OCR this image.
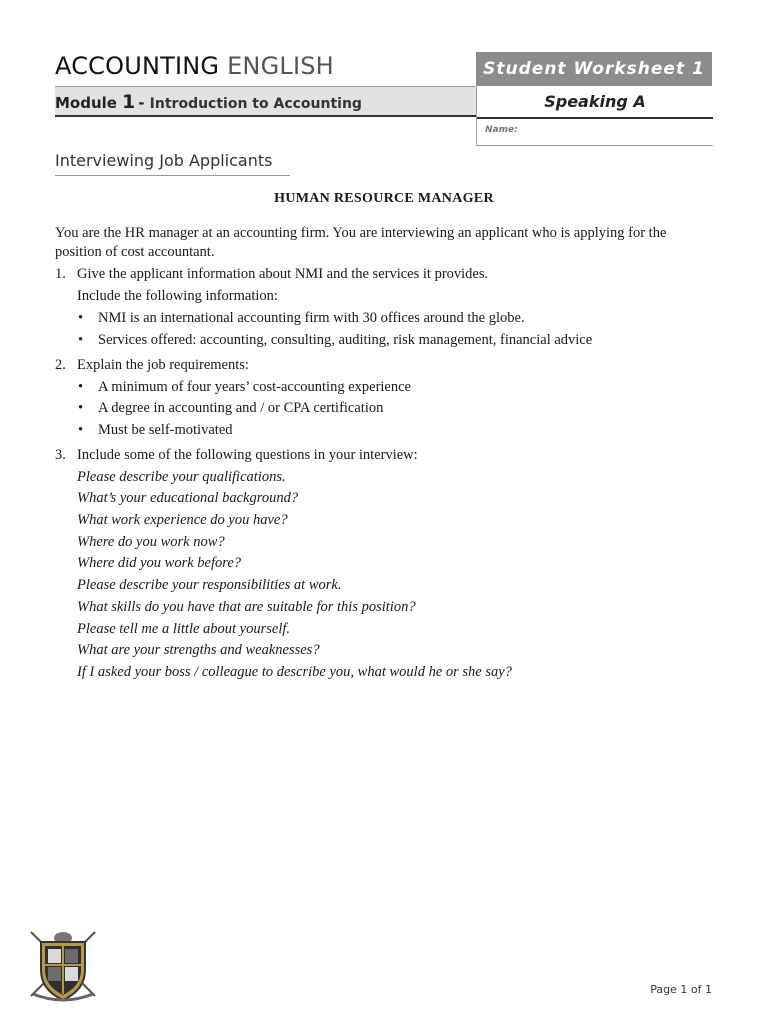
ACCOUNTING ENGLISH
Module 1 - Introduction to Accounting
Student Worksheet 1
Speaking A
Name:
Interviewing Job Applicants
HUMAN RESOURCE MANAGER
You are the HR manager at an accounting firm. You are interviewing an applicant who is applying for the position of cost accountant.
1. Give the applicant information about NMI and the services it provides.
Include the following information:
• NMI is an international accounting firm with 30 offices around the globe.
• Services offered: accounting, consulting, auditing, risk management, financial advice
2. Explain the job requirements:
• A minimum of four years’ cost-accounting experience
• A degree in accounting and / or CPA certification
• Must be self-motivated
3. Include some of the following questions in your interview:
Please describe your qualifications.
What’s your educational background?
What work experience do you have?
Where do you work now?
Where did you work before?
Please describe your responsibilities at work.
What skills do you have that are suitable for this position?
Please tell me a little about yourself.
What are your strengths and weaknesses?
If I asked your boss / colleague to describe you, what would he or she say?
Page 1 of 1
